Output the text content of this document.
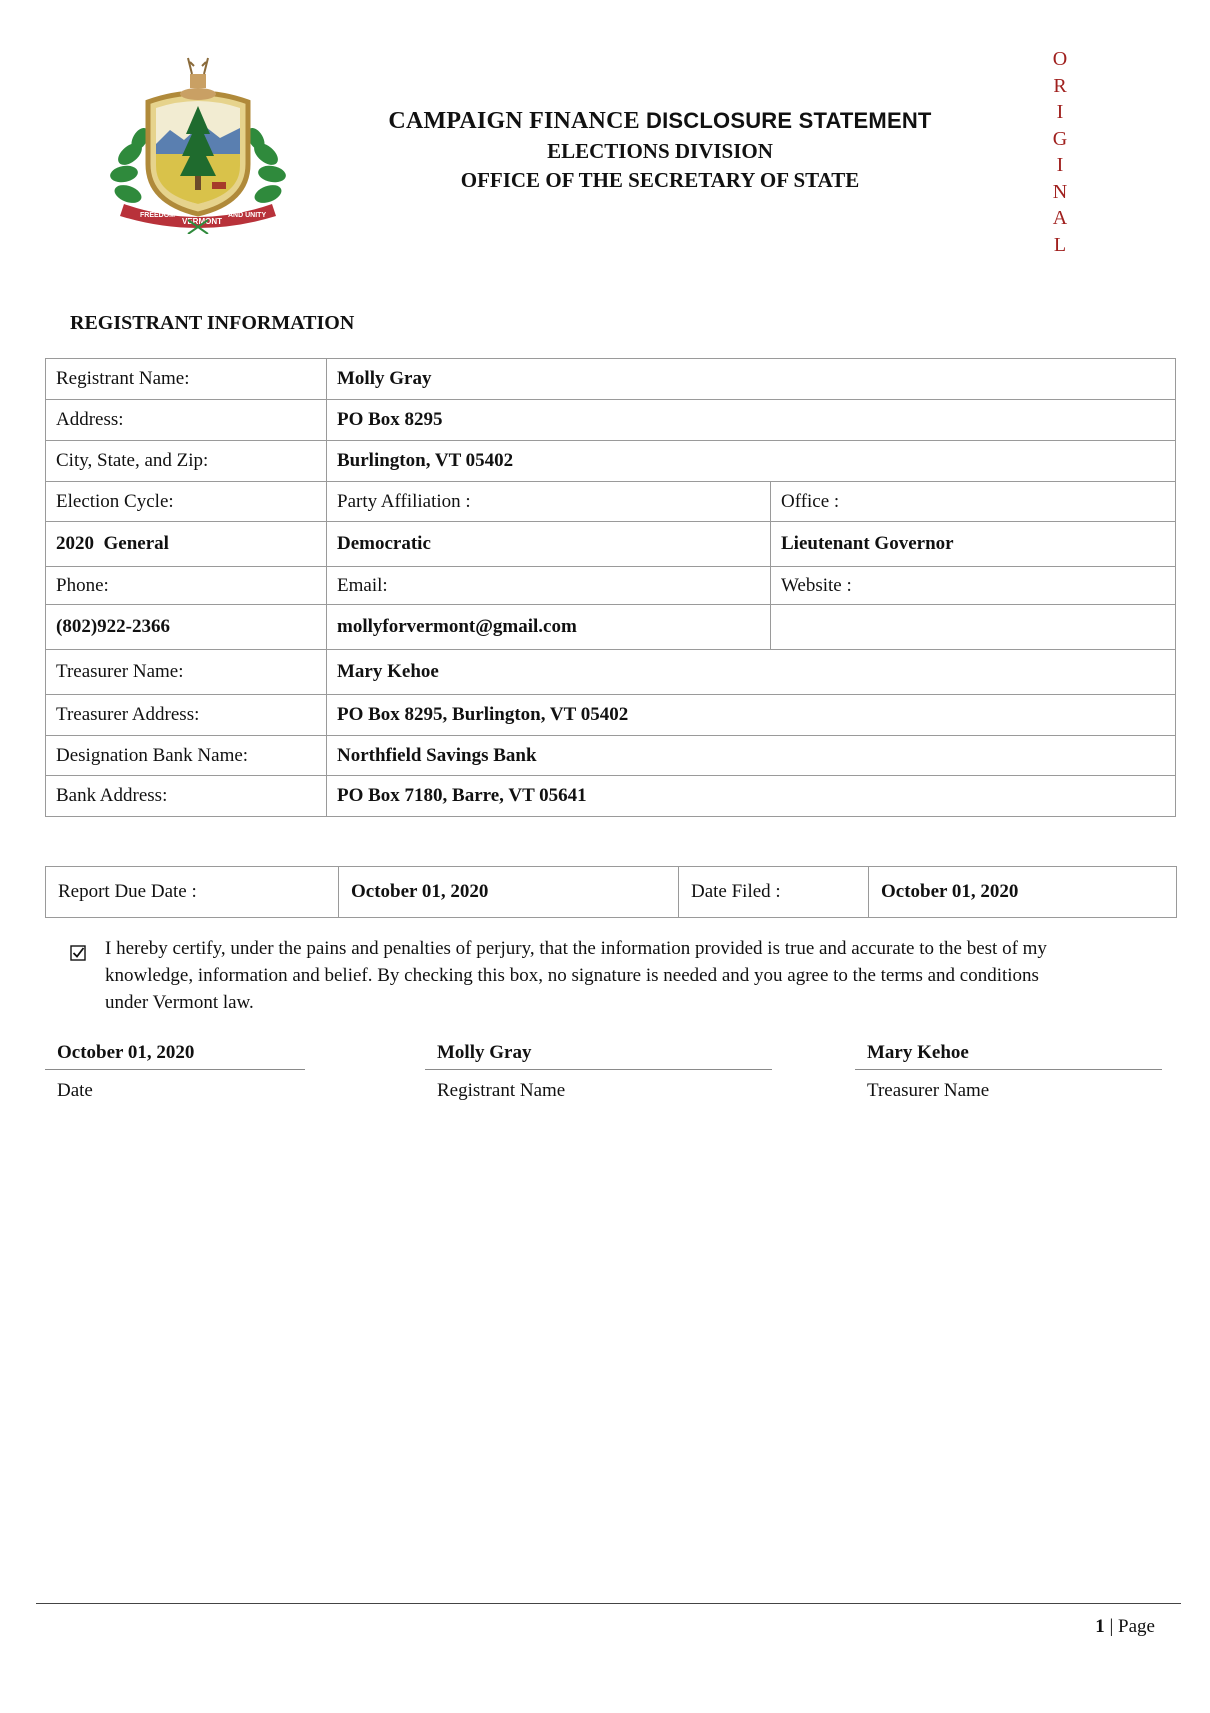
FREEDOM
VERMONT
AND UNITY
CAMPAIGN FINANCE DISCLOSURE STATEMENT
ELECTIONS DIVISION
OFFICE OF THE SECRETARY OF STATE
O
R
I
G
I
N
A
L
REGISTRANT INFORMATION
Registrant Name:	Molly Gray	
Address:	PO Box 8295	
City, State, and Zip:	Burlington, VT 05402	
Election Cycle:	Party Affiliation :	Office :
2020  General	Democratic	Lieutenant Governor
Phone:	Email:	Website :
(802)922-2366	mollyforvermont@gmail.com	
Treasurer Name:	Mary Kehoe	
Treasurer Address:	PO Box 8295, Burlington, VT 05402	
Designation Bank Name:	Northfield Savings Bank	
Bank Address:	PO Box 7180, Barre, VT 05641	
Report Due Date :	October 01, 2020	Date Filed :	October 01, 2020
I hereby certify, under the pains and penalties of perjury, that the information provided is true and accurate to the best of my knowledge, information and belief. By checking this box, no signature is needed and you agree to the terms and conditions under Vermont law.
October 01, 2020
Date
Molly Gray
Registrant Name
Mary Kehoe
Treasurer Name
1 | Page
